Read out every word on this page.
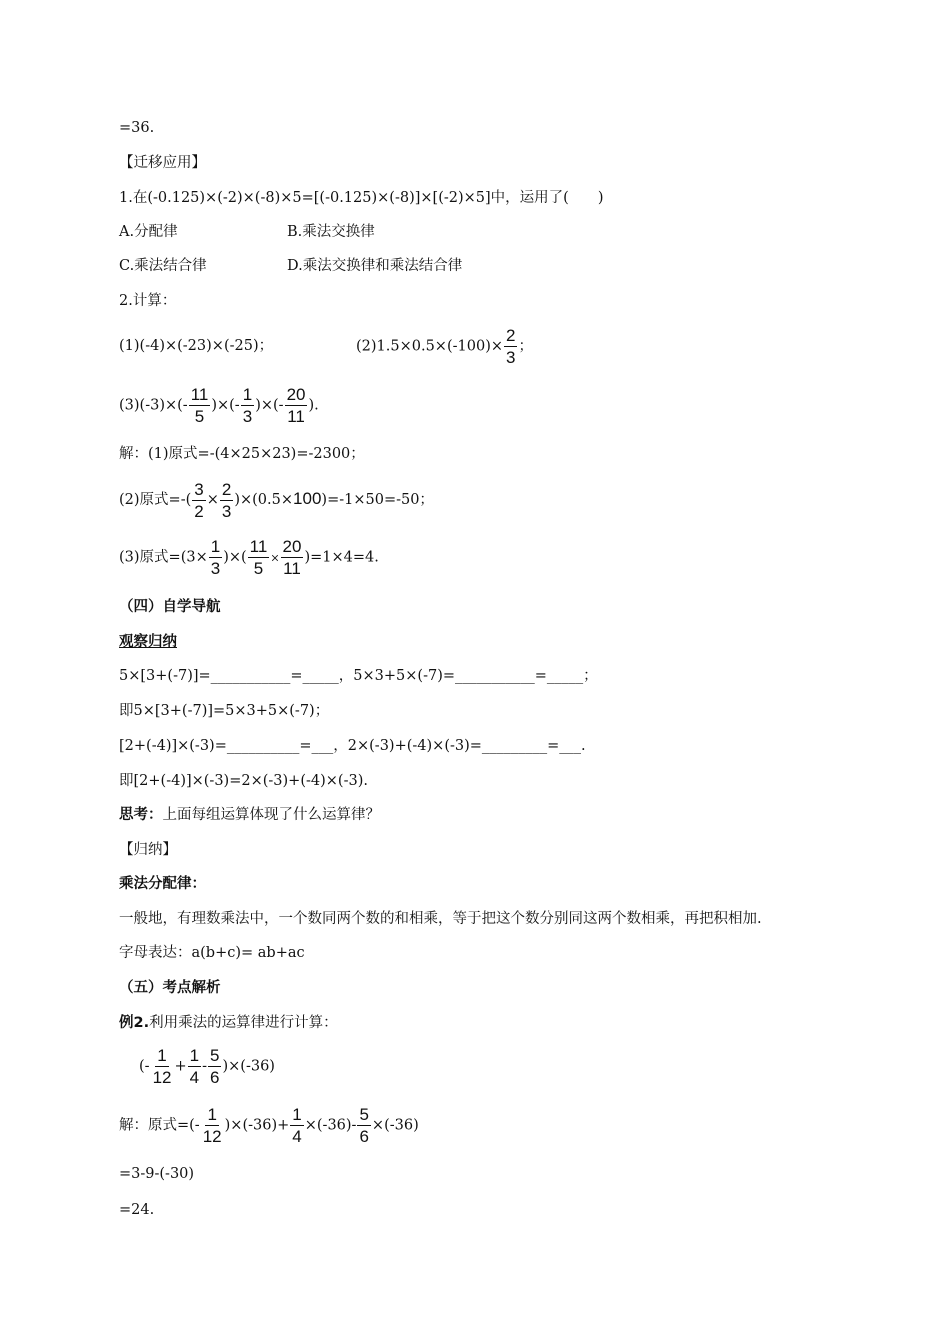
=36.
【迁移应用】
1.在(-0.125)×(-2)×(-8)×5=[(-0.125)×(-8)]×[(-2)×5]中，运用了(　　)
A.分配律	B.乘法交换律
C.乘法结合律	D.乘法交换律和乘法结合律
2.计算：
(1)(-4)×(-23)×(-25)；	$(2)1.5\times 0.5\times(-100)\times \frac{2}{3}$ ；
$(3)(-3)\times(- \frac{11}{5}$ )×(- $\frac{1}{3}$ )×(- $\frac{20}{11}$ ).
解：(1)原式=-(4×25×23)=-2300；
(2)原式=-( $\frac{3}{2} \times \frac{2}{3} )\times(0.5\times 100)=-1\times 50=-50$；
(3)原式$=(3\times \frac{1}{3}$ )×( $\frac{11}{5} \times \frac{20}{11} )=1\times 4=4$.
（四）自学导航
观察归纳
5×[3+(-7)]=___________=_____，5×3+5×(-7)=___________=_____；
即5×[3+(-7)]=5×3+5×(-7)；
[2+(-4)]×(-3)=__________=___，2×(-3)+(-4)×(-3)=_________=___.
即[2+(-4)]×(-3)=2×(-3)+(-4)×(-3).
思考：上面每组运算体现了什么运算律？
【归纳】
乘法分配律：
一般地，有理数乘法中，一个数同两个数的和相乘，等于把这个数分别同这两个数相乘，再把积相加.
字母表达：a(b+c)= ab+ac
（五）考点解析
例2.利用乘法的运算律进行计算：
(- $\frac{1}{12} + \frac{1}{4} - \frac{5}{6} )\times(-36)$
解：原式=(- $\frac{1}{12} )\times(-36)+ \frac{1}{4} \times(-36)- \frac{5}{6} \times(-36)$
=3-9-(-30)
=24.
